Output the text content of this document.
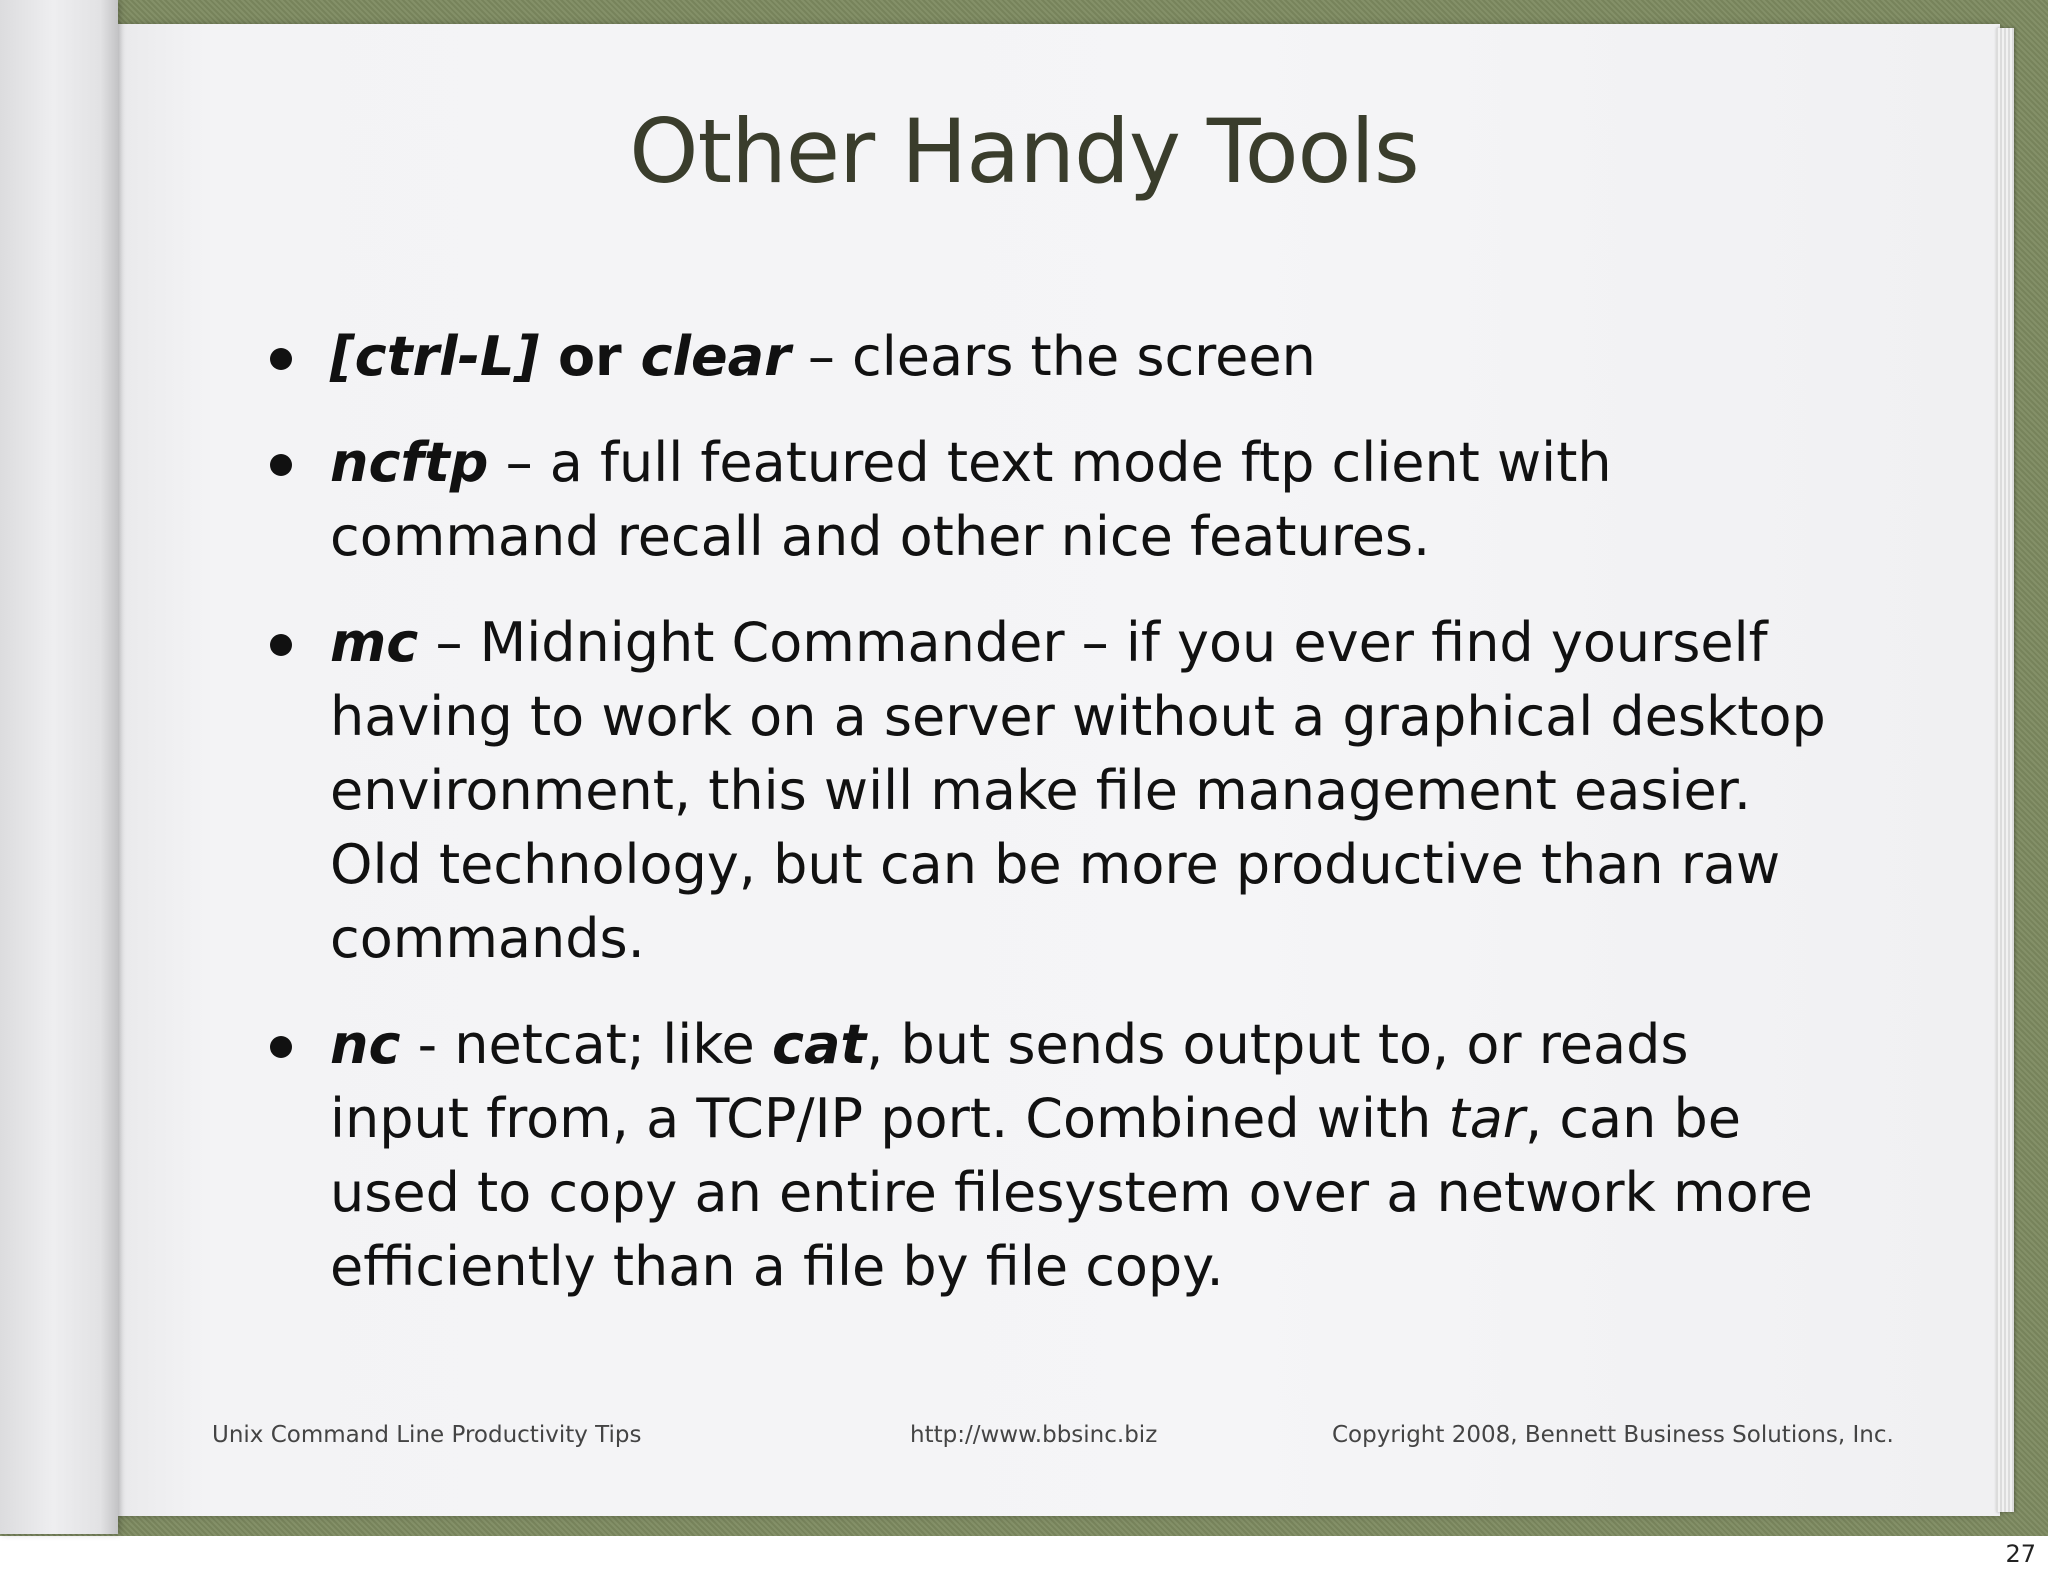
Other Handy Tools
[ctrl-L] or clear – clears the screen
ncftp – a full featured text mode ftp client with command recall and other nice features.
mc – Midnight Commander – if you ever find yourself having to work on a server without a graphical desktop environment, this will make file management easier. Old technology, but can be more productive than raw commands.
nc - netcat; like cat, but sends output to, or reads input from, a TCP/IP port. Combined with tar, can be used to copy an entire filesystem over a network more efficiently than a file by file copy.
Unix Command Line Productivity Tips	http://www.bbsinc.biz	Copyright 2008, Bennett Business Solutions, Inc.
27
